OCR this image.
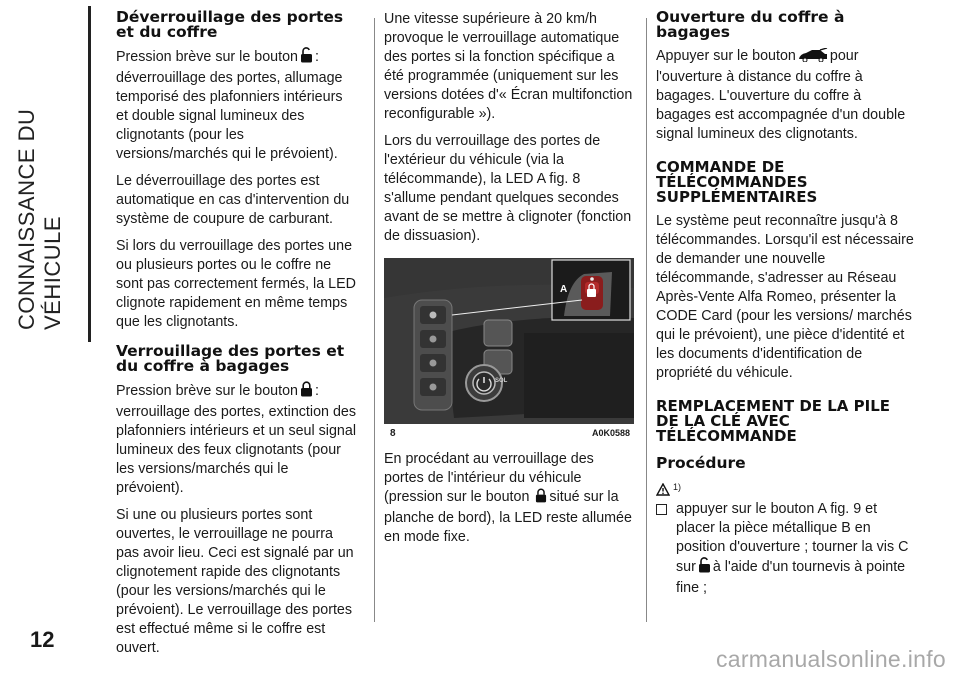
CONNAISSANCE DU VÉHICULE
12
carmanualsonline.info
Déverrouillage des portes et du coffre

Pression brève sur le bouton : déverrouillage des portes, allumage temporisé des plafonniers intérieurs et double signal lumineux des clignotants (pour les versions/marchés qui le prévoient).

Le déverrouillage des portes est automatique en cas d'intervention du système de coupure de carburant.

Si lors du verrouillage des portes une ou plusieurs portes ou le coffre ne sont pas correctement fermés, la LED clignote rapidement en même temps que les clignotants.

Verrouillage des portes et du coffre à bagages

Pression brève sur le bouton : verrouillage des portes, extinction des plafonniers intérieurs et un seul signal lumineux des feux clignotants (pour les versions/marchés qui le prévoient).

Si une ou plusieurs portes sont ouvertes, le verrouillage ne pourra pas avoir lieu. Ceci est signalé par un clignotement rapide des clignotants (pour les versions/marchés qui le prévoient). Le verrouillage des portes est effectué même si le coffre est ouvert.

Une vitesse supérieure à 20 km/h provoque le verrouillage automatique des portes si la fonction spécifique a été programmée (uniquement sur les versions dotées d'« Écran multifonction reconfigurable »).

Lors du verrouillage des portes de l'extérieur du véhicule (via la télécommande), la LED A fig. 8 s'allume pendant quelques secondes avant de se mettre à clignoter (fonction de dissuasion).

A
SOL
8	A0K0588

En procédant au verrouillage des portes de l'intérieur du véhicule (pression sur le bouton situé sur la planche de bord), la LED reste allumée en mode fixe.

Ouverture du coffre à bagages

Appuyer sur le bouton pour l'ouverture à distance du coffre à bagages. L'ouverture du coffre à bagages est accompagnée d'un double signal lumineux des clignotants.

COMMANDE DE TÉLÉCOMMANDES SUPPLÉMENTAIRES

Le système peut reconnaître jusqu'à 8 télécommandes. Lorsqu'il est nécessaire de demander une nouvelle télécommande, s'adresser au Réseau Après-Vente Alfa Romeo, présenter la CODE Card (pour les versions/ marchés qui le prévoient), une pièce d'identité et les documents d'identification de propriété du véhicule.

REMPLACEMENT DE LA PILE DE LA CLÉ AVEC TÉLÉCOMMANDE
Procédure
$^{1)}$
appuyer sur le bouton A fig. 9 et placer la pièce métallique B en position d'ouverture ; tourner la vis C sur à l'aide d'un tournevis à pointe fine ;
